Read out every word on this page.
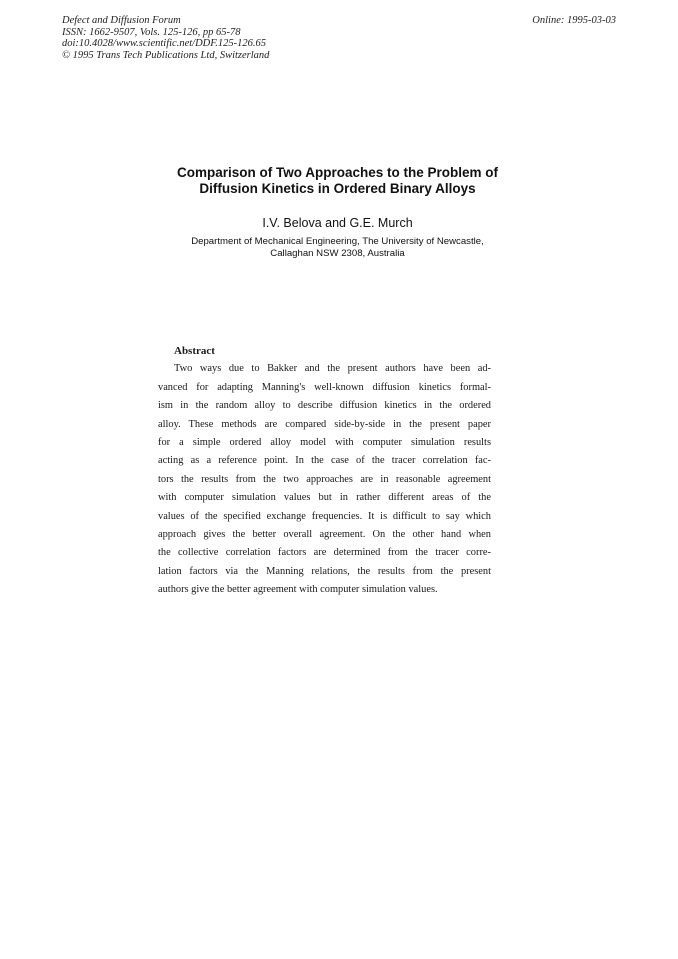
Defect and Diffusion Forum
ISSN: 1662-9507, Vols. 125-126, pp 65-78
doi:10.4028/www.scientific.net/DDF.125-126.65
© 1995 Trans Tech Publications Ltd, Switzerland
Online: 1995-03-03
Comparison of Two Approaches to the Problem of
Diffusion Kinetics in Ordered Binary Alloys
I.V. Belova and G.E. Murch
Department of Mechanical Engineering, The University of Newcastle,
Callaghan NSW 2308, Australia
Abstract

Two ways due to Bakker and the present authors have been ad-
vanced for adapting Manning's well-known diffusion kinetics formal-
ism in the random alloy to describe diffusion kinetics in the ordered
alloy. These methods are compared side-by-side in the present paper
for a simple ordered alloy model with computer simulation results
acting as a reference point. In the case of the tracer correlation fac-
tors the results from the two approaches are in reasonable agreement
with computer simulation values but in rather different areas of the
values of the specified exchange frequencies. It is difficult to say which
approach gives the better overall agreement. On the other hand when
the collective correlation factors are determined from the tracer corre-
lation factors via the Manning relations, the results from the present
authors give the better agreement with computer simulation values.
